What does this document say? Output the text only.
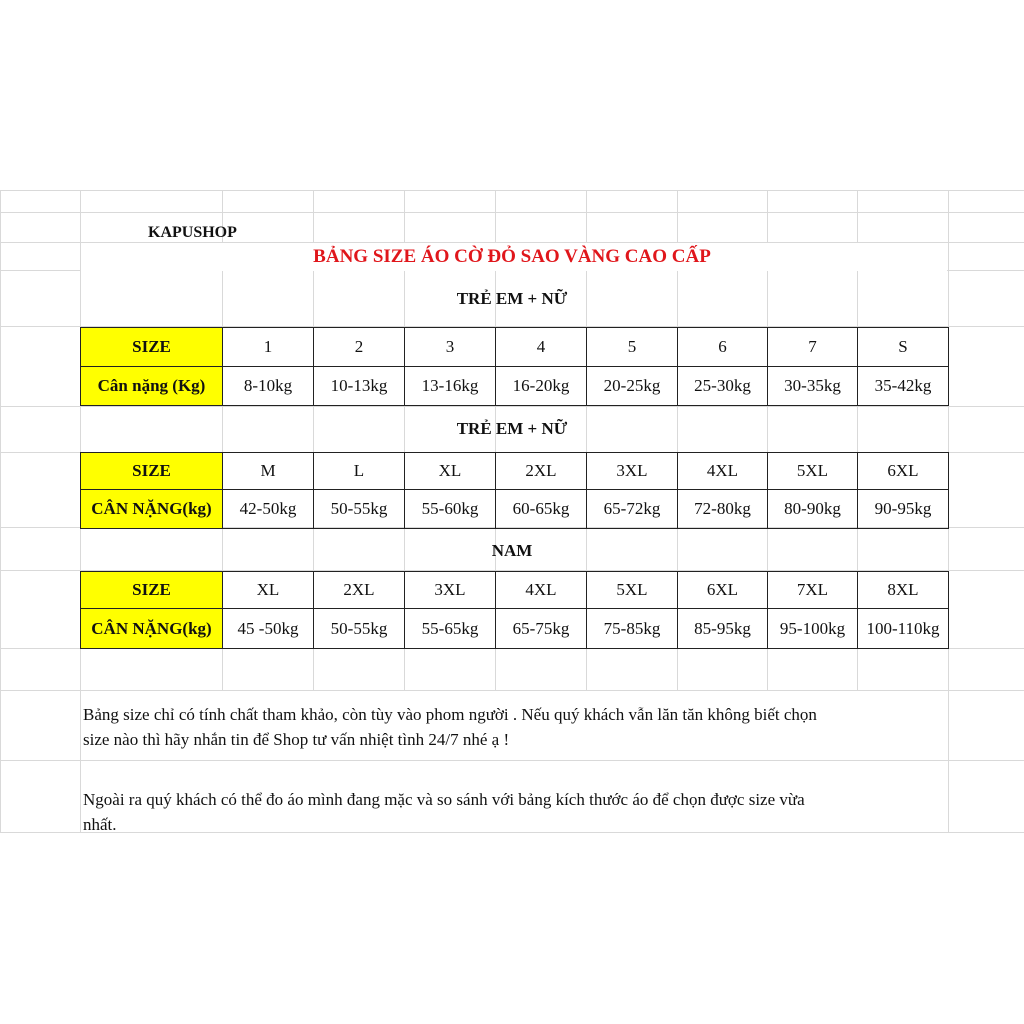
KAPUSHOP
BẢNG SIZE ÁO CỜ ĐỎ SAO VÀNG CAO CẤP
TRẺ EM + NỮ
SIZE	1	2	3	4	5	6	7	S
Cân nặng (Kg)	8-10kg	10-13kg	13-16kg	16-20kg	20-25kg	25-30kg	30-35kg	35-42kg
TRẺ EM + NỮ
SIZE	M	L	XL	2XL	3XL	4XL	5XL	6XL
CÂN NẶNG(kg)	42-50kg	50-55kg	55-60kg	60-65kg	65-72kg	72-80kg	80-90kg	90-95kg
NAM
SIZE	XL	2XL	3XL	4XL	5XL	6XL	7XL	8XL
CÂN NẶNG(kg)	45 -50kg	50-55kg	55-65kg	65-75kg	75-85kg	85-95kg	95-100kg	100-110kg
Bảng size chỉ có tính chất tham khảo, còn tùy vào phom người . Nếu quý khách vẫn lăn tăn không biết chọn
size nào thì hãy nhắn tin để Shop tư vấn nhiệt tình 24/7 nhé ạ !
Ngoài ra quý khách có thể đo áo mình đang mặc và so sánh với bảng kích thước áo để chọn được size vừa
nhất.
